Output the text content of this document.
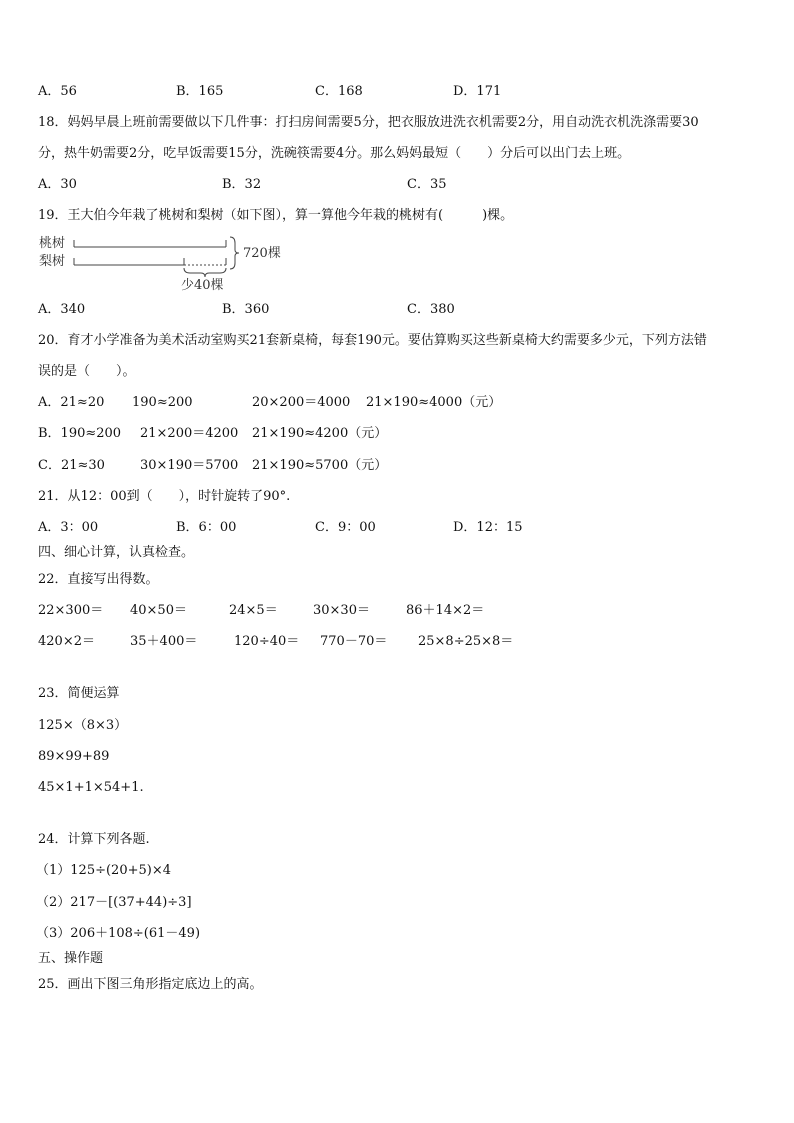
A．56	B．165	C．168	D．171
18．妈妈早晨上班前需要做以下几件事：打扫房间需要5分，把衣服放进洗衣机需要2分，用自动洗衣机洗涤需要30
分，热牛奶需要2分，吃早饭需要15分，洗碗筷需要4分。那么妈妈最短（　　）分后可以出门去上班。
A．30	B．32	C．35
19．王大伯今年栽了桃树和梨树（如下图），算一算他今年栽的桃树有(　　　)棵。
桃树
梨树
720棵
少40棵
A．340	B．360	C．380
20．育才小学准备为美术活动室购买21套新桌椅，每套190元。要估算购买这些新桌椅大约需要多少元，下列方法错
误的是（　　）。
A．21≈20 190≈200	20×200＝4000 21×190≈4000（元）
B．190≈200 21×200＝4200 21×190≈4200（元）
C．21≈30	30×190＝5700 21×190≈5700（元）
21．从12：00到（　　），时针旋转了90°.
A．3：00	B．6：00	C．9：00	D．12：15
四、细心计算，认真检查。
22．直接写出得数。
22×300＝ 40×50＝	24×5＝	30×30＝	86＋14×2＝
420×2＝	35＋400＝	120÷40＝ 770－70＝ 25×8÷25×8＝
23．简便运算
125×（8×3）
89×99+89
45×1+1×54+1.
24．计算下列各题.
（1）125÷(20+5)×4
（2）217－[(37+44)÷3]
（3）206＋108÷(61－49)
五、操作题
25．画出下图三角形指定底边上的高。
